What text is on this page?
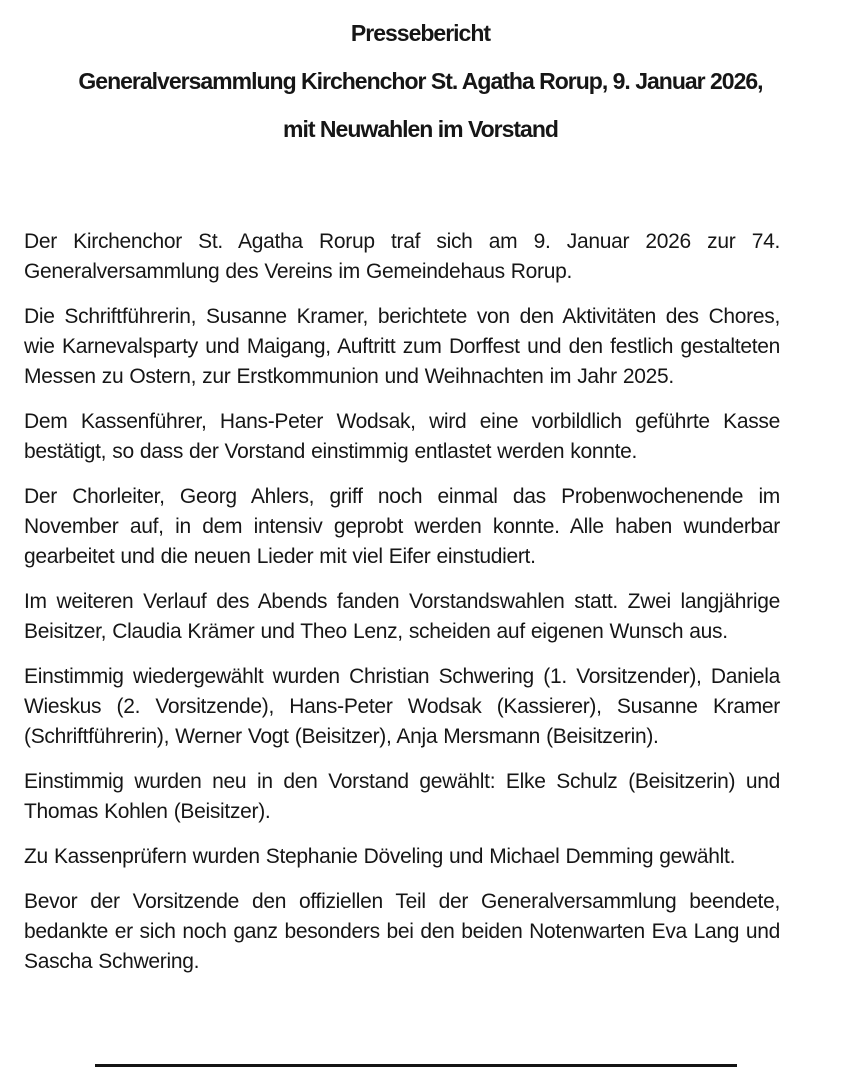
Pressebericht
Generalversammlung Kirchenchor St. Agatha Rorup, 9. Januar 2026,
mit Neuwahlen im Vorstand

Der Kirchenchor St. Agatha Rorup traf sich am 9. Januar 2026 zur 74. Generalversammlung des Vereins im Gemeindehaus Rorup.

Die Schriftführerin, Susanne Kramer, berichtete von den Aktivitäten des Chores, wie Karnevalsparty und Maigang, Auftritt zum Dorffest und den festlich gestalteten Messen zu Ostern, zur Erstkommunion und Weihnachten im Jahr 2025.

Dem Kassenführer, Hans-Peter Wodsak, wird eine vorbildlich geführte Kasse bestätigt, so dass der Vorstand einstimmig entlastet werden konnte.

Der Chorleiter, Georg Ahlers, griff noch einmal das Probenwochenende im November auf, in dem intensiv geprobt werden konnte. Alle haben wunderbar gearbeitet und die neuen Lieder mit viel Eifer einstudiert.

Im weiteren Verlauf des Abends fanden Vorstandswahlen statt. Zwei langjährige Beisitzer, Claudia Krämer und Theo Lenz, scheiden auf eigenen Wunsch aus.

Einstimmig wiedergewählt wurden Christian Schwering (1. Vorsitzender), Daniela Wieskus (2. Vorsitzende), Hans-Peter Wodsak (Kassierer), Susanne Kramer (Schriftführerin), Werner Vogt (Beisitzer), Anja Mersmann (Beisitzerin).

Einstimmig wurden neu in den Vorstand gewählt: Elke Schulz (Beisitzerin) und Thomas Kohlen (Beisitzer).

Zu Kassenprüfern wurden Stephanie Döveling und Michael Demming gewählt.

Bevor der Vorsitzende den offiziellen Teil der Generalversammlung beendete, bedankte er sich noch ganz besonders bei den beiden Notenwarten Eva Lang und Sascha Schwering.
